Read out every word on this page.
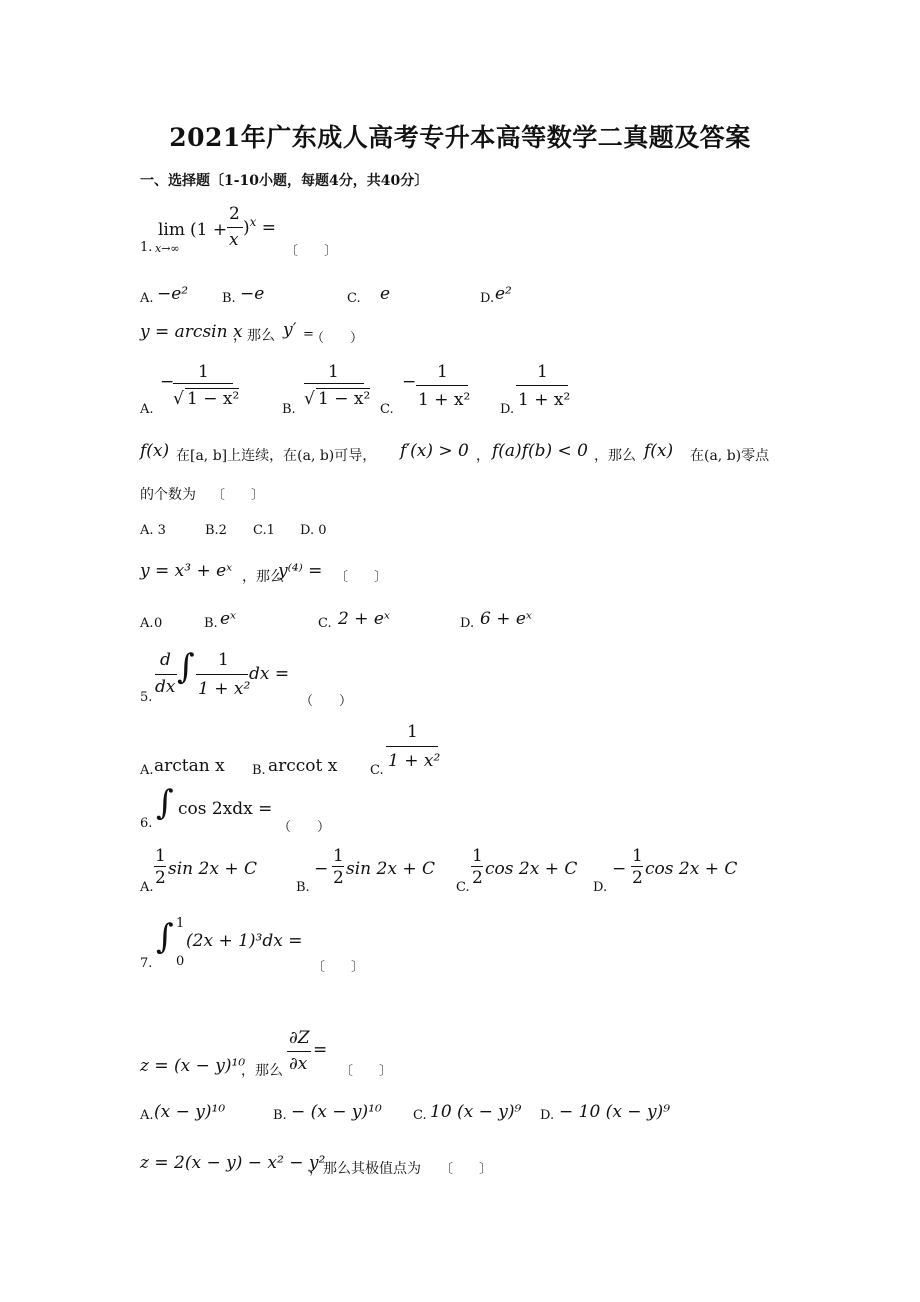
2021年广东成人高考专升本高等数学二真题及答案
一、选择题〔1-10小题，每题4分，共40分〕
1.
lim
x→∞
(1 +
2
x
)$^x$ =
〔　　〕
A. −e²	B. −e	C. e	D. e²
y = arcsin x
，那么 y′ =
（　　）
A.
− 1
√ 1 − x²
B.
1
√ 1 − x²
C.
− 1
1 + x² D.
1
1 + x²
f(x) 在[a, b]上连续，在(a, b)可导， f′(x) > 0 ， f(a)f(b) < 0 ，那么 f(x) 在(a, b)零点
的个数为 〔　　〕
A. 3	B.2 C.1 D. 0
y = x³ + eˣ ，那么
y⁽⁴⁾ = 〔　　〕
A. 0	B. eˣ	C. 2 + eˣ	D. 6 + eˣ
5.
d
dx ∫ 1
1 + x²
dx =
（　　）
A. arctan x B. arccot x	C.
1
1 + x²
6.
∫ cos 2xdx =
（　　）
A.
1
2 sin 2x + C
B.
−
1
2 sin 2x + C
C.
1
2 cos 2x + C
D.
−
1
2 cos 2x + C
7.
∫ 1
0
(2x + 1)³dx =
〔　　〕
z = (x − y)¹⁰
，那么
∂Z
∂x
=
〔　　〕
A. (x − y)¹⁰	B. − (x − y)¹⁰ C. 10 (x − y)⁹ D. − 10 (x − y)⁹
z = 2(x − y) − x² − y²
，那么其极值点为 〔　　〕
